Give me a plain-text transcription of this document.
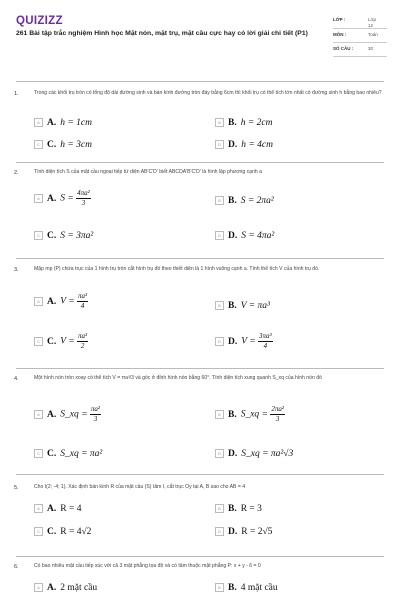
QUIZIZZ
261 Bài tập trắc nghiệm Hình học Mặt nón, mặt trụ, mặt cầu cực hay có lời giải chi tiết (P1)
LỚP :	Lớp 12
MÔN :	Toán
SỐ CÂU :	30
1.	Trong các khối trụ tròn có tổng độ dài đường sinh và bán kính đường tròn đáy bằng 6cm thì khối trụ có thể tích lớn nhất có đường sinh h bằng bao nhiêu?
A A. h = 1cm	B B. h = 2cm
C C. h = 3cm	D D. h = 4cm
2.	Tính diện tích S của mặt cầu ngoại tiếp tứ diện AB'C'D' biết ABCDA'B'C'D' là hình lập phương cạnh a
A A. $S = \frac{\text{4πa²}}{3}$	B B. S = 2πa²
C C. S = 3πa²	D D. S = 4πa²
3.	Mặp mp (P) chứa trục của 1 hình trụ tròn cắt hình trụ đó theo thiết diện là 1 hình vuông cạnh a. Tính thể tích V của hình trụ đó.
A A. $V = \frac{\text{πa³}}{4}$	B B. V = πa³
C C. $V = \frac{\text{πa³}}{2}$	D D. $V = \frac{\text{3πa³}}{4}$
4.	Một hình nón tròn xoay có thể tích V = πa³/3 và góc ở đỉnh hình nón bằng 60°. Tính diện tích xung quanh S_xq của hình nón đó
A A. S_xq = $\frac{\text{πa²}}{3}$	B B. S_xq = $\frac{\text{2πa²}}{3}$
C C. S_xq = πa²	D D. S_xq = πa²√3
5.	Cho I(2; -4; 1). Xác định bán kính R của mặt cầu (S) tâm I, cắt trục Oy tại A, B sao cho AB = 4
A A. R = 4	B B. R = 3
C C. R = 4√2	D D. R = 2√5
6.	Có bao nhiêu mặt cầu tiếp xúc với cả 3 mặt phẳng tọa độ và có tâm thuộc mặt phẳng P: x + y - 6 = 0
A A. 2 mặt cầu	B B. 4 mặt cầu
